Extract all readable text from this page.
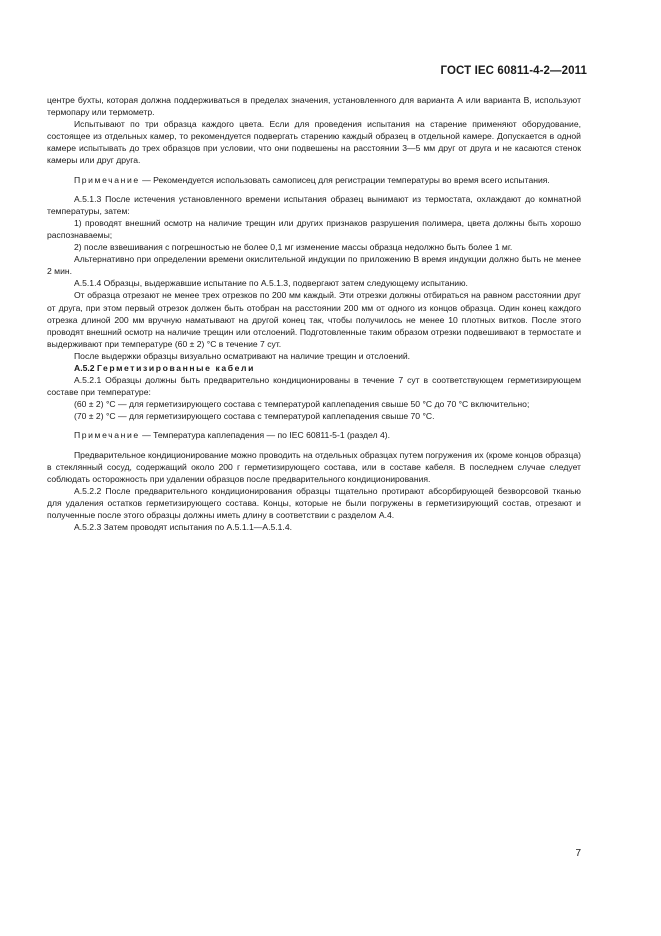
ГОСТ IEC 60811-4-2—2011

центре бухты, которая должна поддерживаться в пределах значения, установленного для варианта А или варианта В, используют термопару или термометр.

Испытывают по три образца каждого цвета. Если для проведения испытания на старение применяют оборудование, состоящее из отдельных камер, то рекомендуется подвергать старению каждый образец в отдельной камере. Допускается в одной камере испытывать до трех образцов при условии, что они подвешены на расстоянии 3—5 мм друг от друга и не касаются стенок камеры или друг друга.

Примечание — Рекомендуется использовать самописец для регистрации температуры во время всего испытания.

А.5.1.3 После истечения установленного времени испытания образец вынимают из термостата, охлаждают до комнатной температуры, затем:

1) проводят внешний осмотр на наличие трещин или других признаков разрушения полимера, цвета должны быть хорошо распознаваемы;

2) после взвешивания с погрешностью не более 0,1 мг изменение массы образца недолжно быть более 1 мг.

Альтернативно при определении времени окислительной индукции по приложению В время индукции должно быть не менее 2 мин.

А.5.1.4 Образцы, выдержавшие испытание по А.5.1.3, подвергают затем следующему испытанию.

От образца отрезают не менее трех отрезков по 200 мм каждый. Эти отрезки должны отбираться на равном расстоянии друг от друга, при этом первый отрезок должен быть отобран на расстоянии 200 мм от одного из концов образца. Один конец каждого отрезка длиной 200 мм вручную наматывают на другой конец так, чтобы получилось не менее 10 плотных витков. После этого проводят внешний осмотр на наличие трещин или отслоений. Подготовленные таким образом отрезки подвешивают в термостате и выдерживают при температуре (60 ± 2) °С в течение 7 сут.

После выдержки образцы визуально осматривают на наличие трещин и отслоений.

А.5.2 Герметизированные кабели

А.5.2.1 Образцы должны быть предварительно кондиционированы в течение 7 сут в соответствующем герметизирующем составе при температуре:

(60 ± 2) °С — для герметизирующего состава с температурой каплепадения свыше 50 °С до 70 °С включительно;

(70 ± 2) °С — для герметизирующего состава с температурой каплепадения свыше 70 °С.

Примечание — Температура каплепадения — по IEC 60811-5-1 (раздел 4).

Предварительное кондиционирование можно проводить на отдельных образцах путем погружения их (кроме концов образца) в стеклянный сосуд, содержащий около 200 г герметизирующего состава, или в составе кабеля. В последнем случае следует соблюдать осторожность при удалении образцов после предварительного кондиционирования.

А.5.2.2 После предварительного кондиционирования образцы тщательно протирают абсорбирующей безворсовой тканью для удаления остатков герметизирующего состава. Концы, которые не были погружены в герметизирующий состав, отрезают и полученные после этого образцы должны иметь длину в соответствии с разделом А.4.

А.5.2.3 Затем проводят испытания по А.5.1.1—А.5.1.4.

7
